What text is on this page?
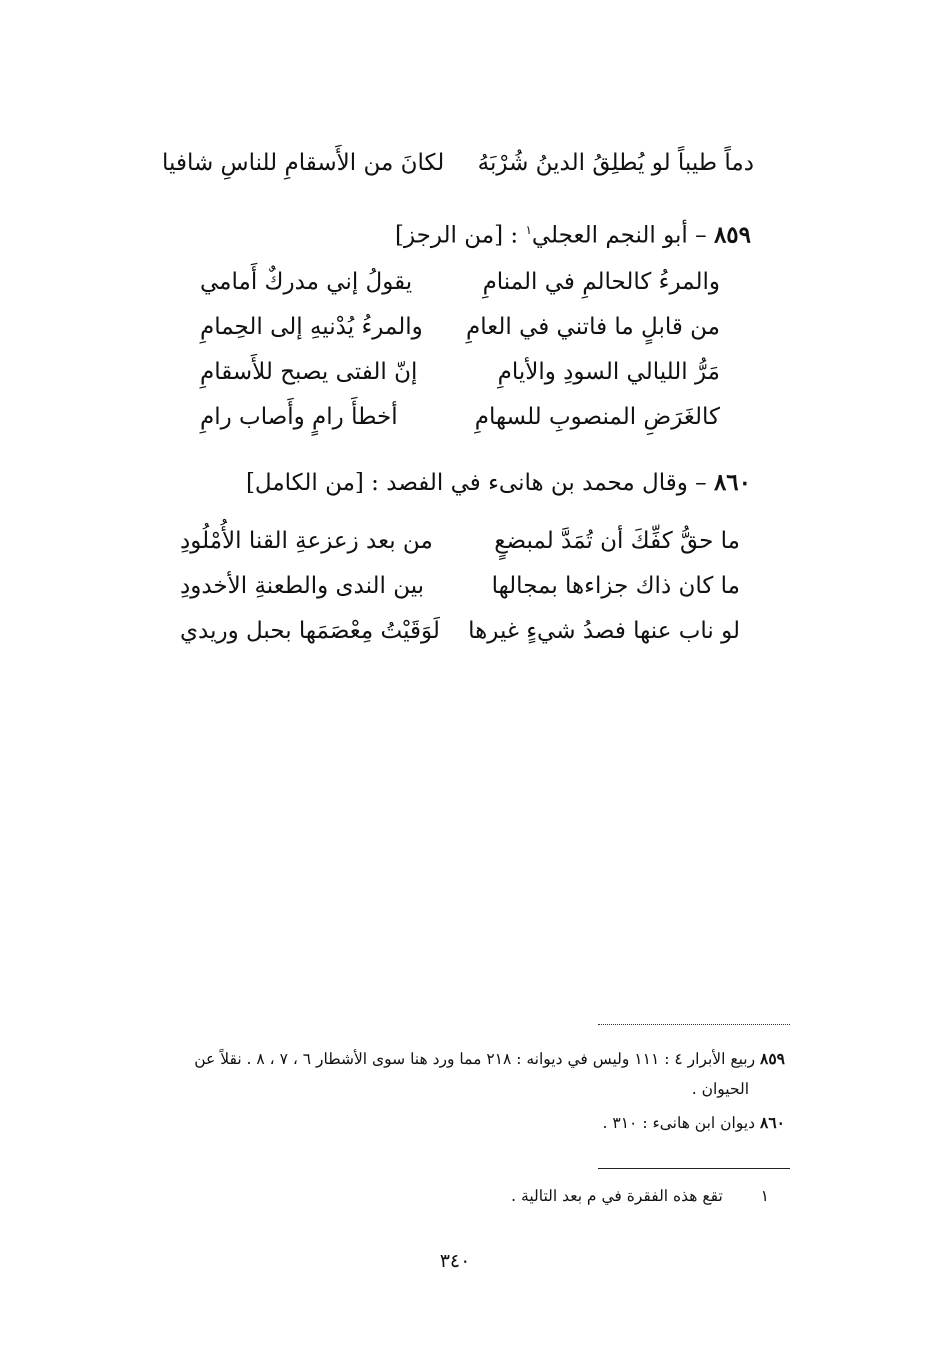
دماً طيباً لو يُطلِقُ الدينُ شُرْبَهُ
لكانَ من الأَسقامِ للناسِ شافيا
٨٥٩ – أبو النجم العجلي$^١$ : [من الرجز]
والمرءُ كالحالمِ في المنامِ
يقولُ إني مدركٌ أَمامي
من قابلٍ ما فاتني في العامِ
والمرءُ يُدْنيهِ إلى الحِمامِ
مَرُّ الليالي السودِ والأيامِ
إنّ الفتى يصبح للأَسقامِ
كالغَرَضِ المنصوبِ للسهامِ
أخطأَ رامٍ وأَصاب رامِ
٨٦٠ – وقال محمد بن هانىء في الفصد : [من الكامل]
ما حقُّ كفِّكَ أن تُمَدَّ لمبضعٍ
من بعد زعزعةِ القنا الأُمْلُودِ
ما كان ذاك جزاءها بمجالها
بين الندى والطعنةِ الأخدودِ
لو ناب عنها فصدُ شيءٍ غيرها
لَوَقَيْتُ مِعْصَمَها بحبل وريدي
٨٥٩ ربيع الأبرار ٤ : ١١١ وليس في ديوانه : ٢١٨ مما ورد هنا سوى الأشطار ٦ ، ٧ ، ٨ . نقلاً عن
الحيوان .
٨٦٠ ديوان ابن هانىء : ٣١٠ .
١  تقع هذه الفقرة في م بعد التالية .
٣٤٠
